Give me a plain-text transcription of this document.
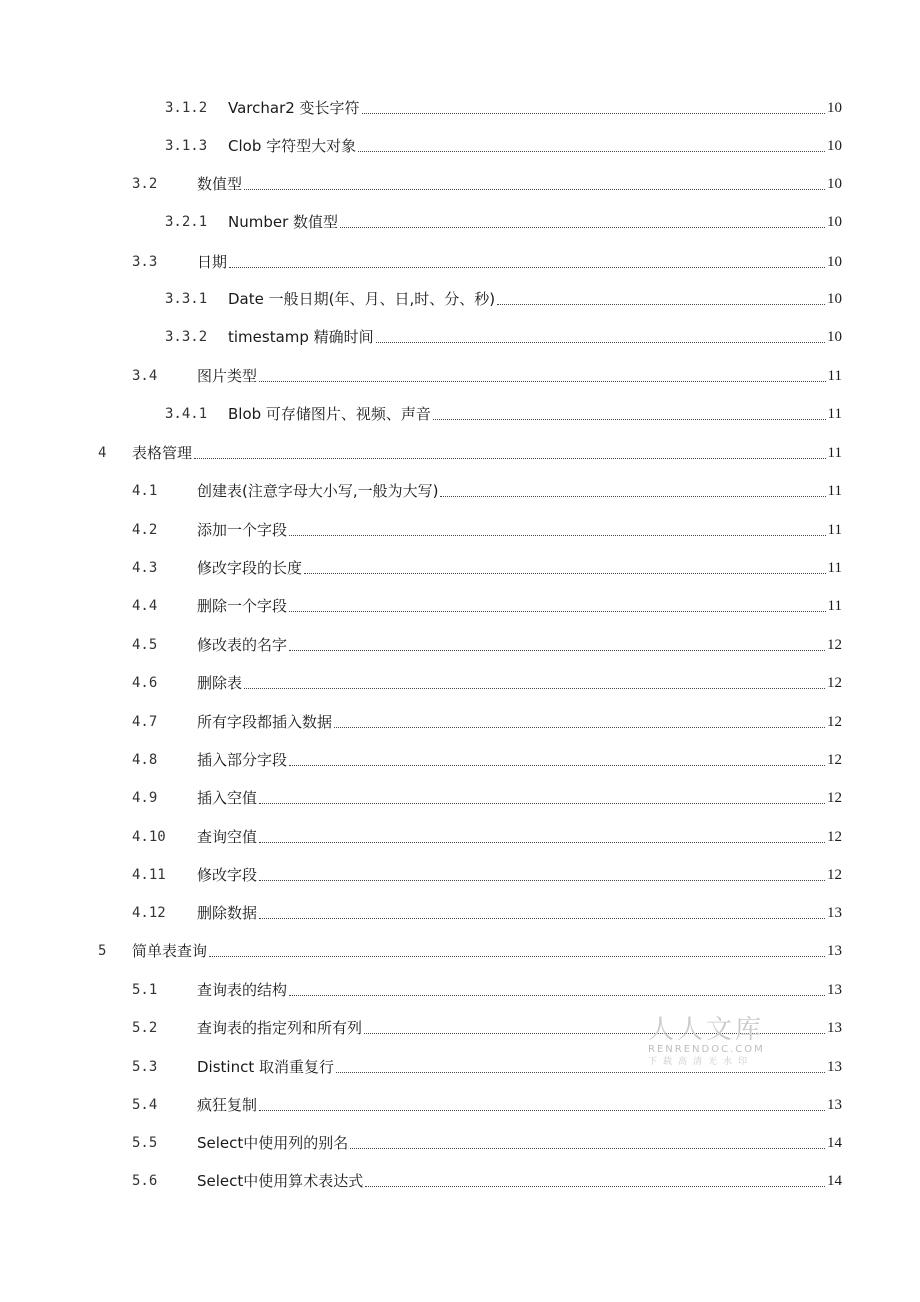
3.1.2 Varchar2 变长字符	10
3.1.3 Clob 字符型大对象	10
3.2	数值型	10
3.2.1 Number 数值型	10
3.3	日期	10
3.3.1 Date 一般日期(年、月、日,时、分、秒)	10
3.3.2 timestamp 精确时间	10
3.4	图片类型	11
3.4.1 Blob 可存储图片、视频、声音	11
4 表格管理	11
4.1	创建表(注意字母大小写,一般为大写)	11
4.2	添加一个字段	11
4.3	修改字段的长度	11
4.4	删除一个字段	11
4.5	修改表的名字	12
4.6	删除表	12
4.7	所有字段都插入数据	12
4.8	插入部分字段	12
4.9	插入空值	12
4.10 查询空值	12
4.11 修改字段	12
4.12 删除数据	13
5 简单表查询	13
5.1	查询表的结构	13
5.2	查询表的指定列和所有列	13
5.3	Distinct 取消重复行	13
5.4	疯狂复制	13
5.5	Select中使用列的别名	14
5.6	Select中使用算术表达式	14
人人文库
RENRENDOC.COM
下载高清无水印
